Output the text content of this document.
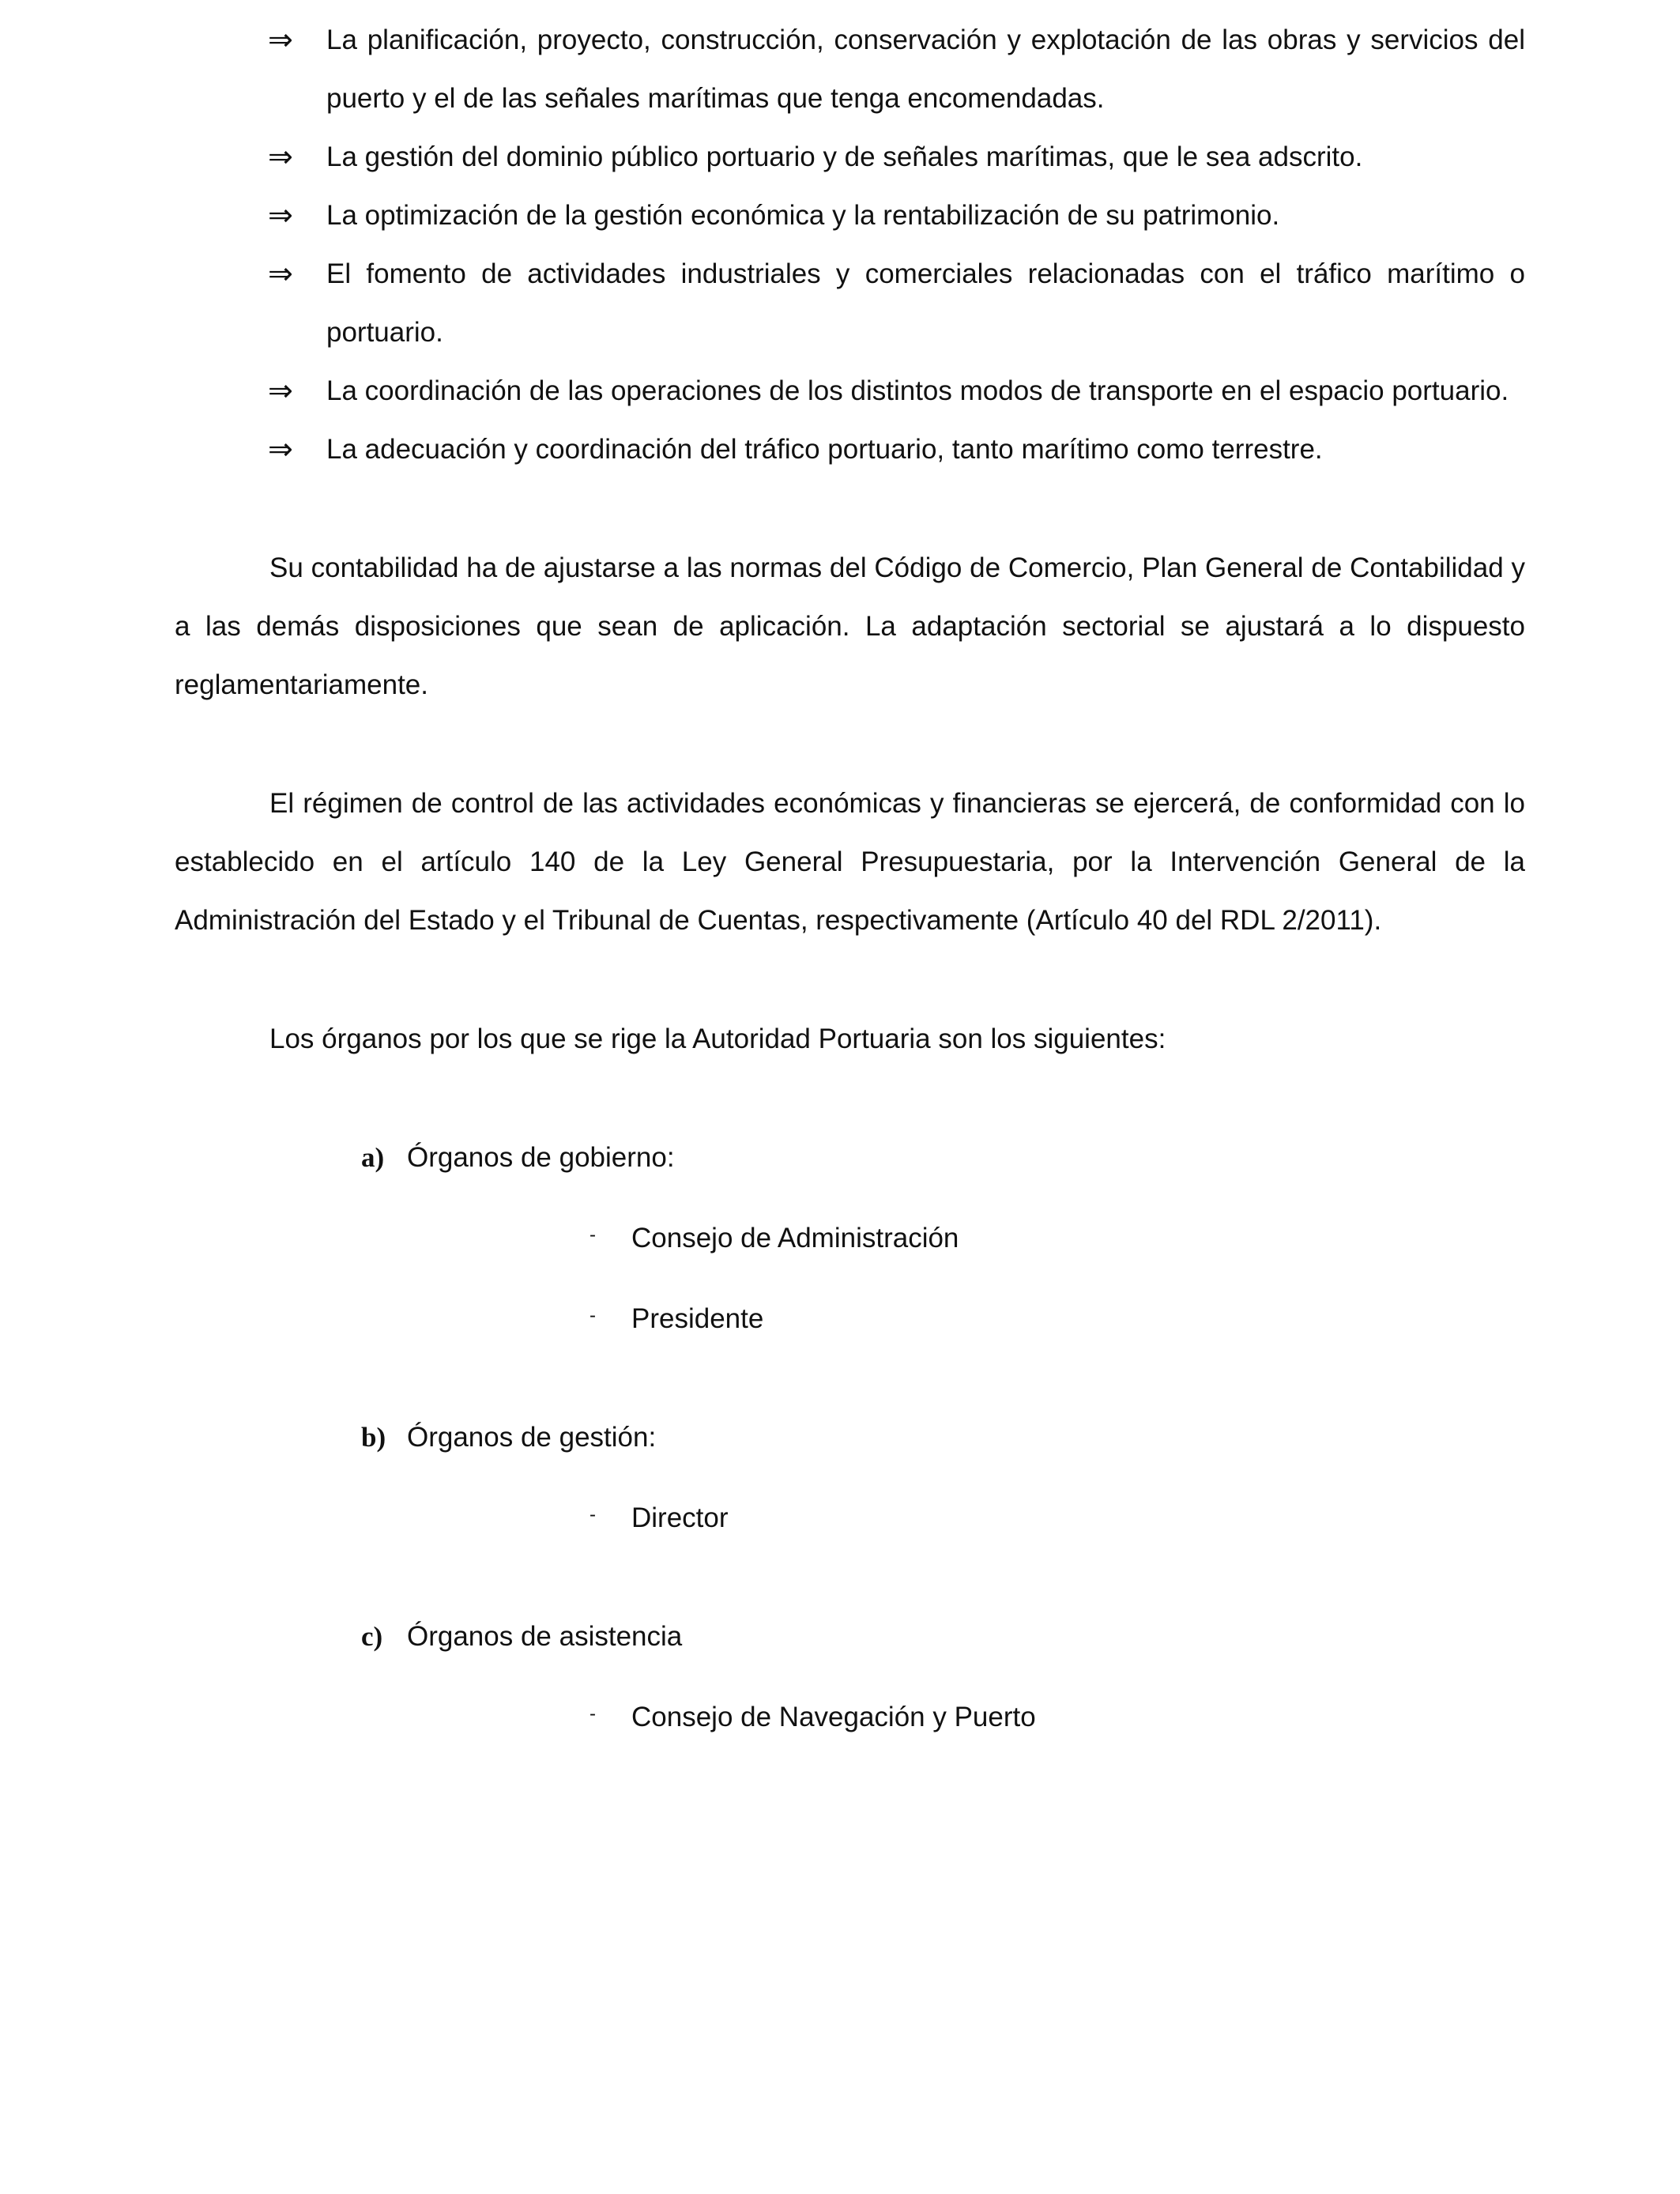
⇒	La planificación, proyecto, construcción, conservación y explotación de las obras y servicios del puerto y el de las señales marítimas que tenga encomendadas.
⇒	La gestión del dominio público portuario y de señales marítimas, que le sea adscrito.
⇒	La optimización de la gestión económica y la rentabilización de su patrimonio.
⇒	El fomento de actividades industriales y comerciales relacionadas con el tráfico marítimo o portuario.
⇒	La coordinación de las operaciones de los distintos modos de transporte en el espacio portuario.
⇒	La adecuación y coordinación del tráfico portuario, tanto marítimo como terrestre.

Su contabilidad ha de ajustarse a las normas del Código de Comercio, Plan General de Contabilidad y a las demás disposiciones que sean de aplicación. La adaptación sectorial se ajustará a lo dispuesto reglamentariamente.

El régimen de control de las actividades económicas y financieras se ejercerá, de conformidad con lo establecido en el artículo 140 de la Ley General Presupuestaria, por la Intervención General de la Administración del Estado y el Tribunal de Cuentas, respectivamente (Artículo 40 del RDL 2/2011).

Los órganos por los que se rige la Autoridad Portuaria son los siguientes:

a) Órganos de gobierno:
-	Consejo de Administración
-	Presidente
b) Órganos de gestión:
-	Director
c) Órganos de asistencia
-	Consejo de Navegación y Puerto
